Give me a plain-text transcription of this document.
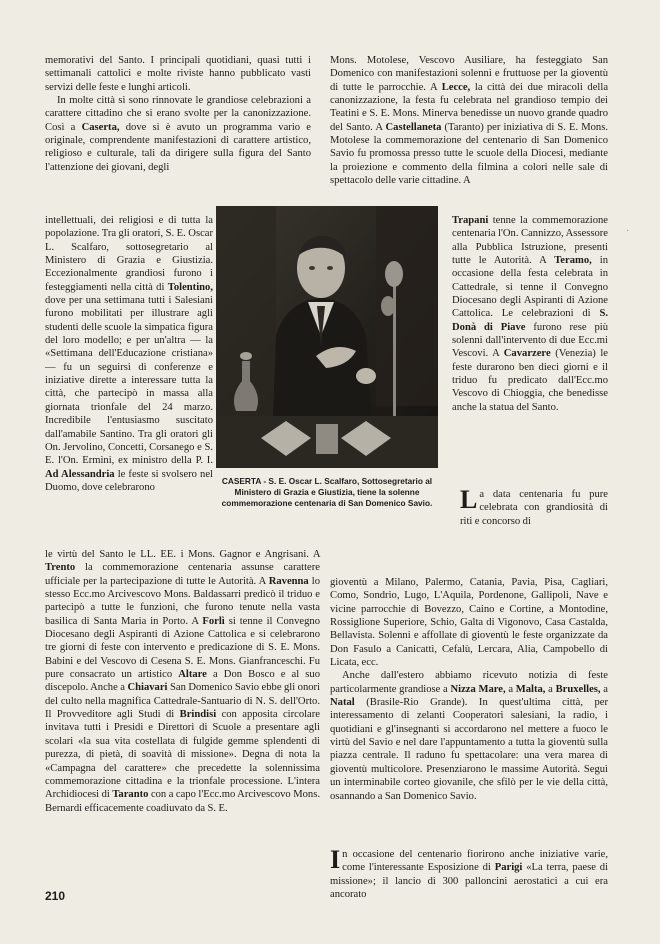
memorativi del Santo. I principali quotidiani, quasi tutti i settimanali cattolici e molte riviste hanno pubblicato vasti servizi delle feste e lunghi articoli.

In molte città si sono rinnovate le grandiose celebrazioni a carattere cittadino che si erano svolte per la canonizzazione. Così a Caserta, dove si è avuto un programma vario e originale, comprendente manifestazioni di carattere artistico, religioso e culturale, tali da dirigere sulla figura del Santo l'attenzione dei giovani, degli

intellettuali, dei religiosi e di tutta la popolazione. Tra gli oratori, S. E. Oscar L. Scalfaro, sottosegretario al Ministero di Grazia e Giustizia. Eccezionalmente grandiosi furono i festeggiamenti nella città di Tolentino, dove per una settimana tutti i Salesiani furono mobilitati per illustrare agli studenti delle scuole la simpatica figura del loro modello; e per un'altra — la «Settimana dell'Educazione cristiana» — fu un seguirsi di conferenze e iniziative dirette a interessare tutta la città, che partecipò in massa alla giornata trionfale del 24 marzo. Incredibile l'entusiasmo suscitato dall'amabile Santino. Tra gli oratori gli On. Jervolino, Concetti, Corsanego e S. E. l'On. Ermini, ex ministro della P. I. Ad Alessandria le feste si svolsero nel Duomo, dove celebrarono

le virtù del Santo le LL. EE. i Mons. Gagnor e Angrisani. A Trento la commemorazione centenaria assunse carattere ufficiale per la partecipazione di tutte le Autorità. A Ravenna lo stesso Ecc.mo Arcivescovo Mons. Baldassarri predicò il triduo e partecipò a tutte le funzioni, che furono tenute nella vasta basilica di Santa Maria in Porto. A Forlì si tenne il Convegno Diocesano degli Aspiranti di Azione Cattolica e si celebrarono tre giorni di feste con intervento e predicazione di S. E. Mons. Babini e del Vescovo di Cesena S. E. Mons. Gianfranceschi. Fu pure consacrato un artistico Altare a Don Bosco e al suo discepolo. Anche a Chiavari San Domenico Savio ebbe gli onori del culto nella magnifica Cattedrale-Santuario di N. S. dell'Orto. Il Provveditore agli Studi di Brindisi con apposita circolare invitava tutti i Presidi e Direttori di Scuole a presentare agli scolari «la sua vita costellata di fulgide gemme splendenti di purezza, di pietà, di soavità di missione». Degna di nota la «Campagna del carattere» che precedette la solennissima commemorazione cittadina e la trionfale processione. L'intera Archidiocesi di Taranto con a capo l'Ecc.mo Arcivescovo Mons. Bernardi efficacemente coadiuvato da S. E.

CASERTA - S. E. Oscar L. Scalfaro, Sottosegretario al Ministero di Grazia e Giustizia, tiene la solenne commemorazione centenaria di San Domenico Savio.

Mons. Motolese, Vescovo Ausiliare, ha festeggiato San Domenico con manifestazioni solenni e fruttuose per la gioventù di tutte le parrocchie. A Lecce, la città dei due miracoli della canonizzazione, la festa fu celebrata nel grandioso tempio dei Teatini e S. E. Mons. Minerva benedisse un nuovo grande quadro del Santo. A Castellaneta (Taranto) per iniziativa di S. E. Mons. Motolese la commemorazione del centenario di San Domenico Savio fu promossa presso tutte le scuole della Diocesi, mediante la proiezione e commento della filmina a colori nelle sale di spettacolo delle varie cittadine. A

Trapani tenne la commemorazione centenaria l'On. Cannizzo, Assessore alla Pubblica Istruzione, presenti tutte le Autorità. A Teramo, in occasione della festa celebrata in Cattedrale, si tenne il Convegno Diocesano degli Aspiranti di Azione Cattolica. Le celebrazioni di S. Donà di Piave furono rese più solenni dall'intervento di due Ecc.mi Vescovi. A Cavarzere (Venezia) le feste durarono ben dieci giorni e il triduo fu predicato dall'Ecc.mo Vescovo di Chioggia, che benedisse anche la statua del Santo.

La data centenaria fu pure celebrata con grandiosità di riti e concorso di

gioventù a Milano, Palermo, Catania, Pavia, Pisa, Cagliari, Como, Sondrio, Lugo, L'Aquila, Pordenone, Gallipoli, Nave e vicine parrocchie di Bovezzo, Caino e Cortine, a Montodine, Rossiglione Superiore, Schio, Galta di Vigonovo, Casa Castalda, Bellavista. Solenni e affollate di gioventù le feste organizzate da Don Fasulo a Canicattì, Cefalù, Lercara, Alia, Campobello di Licata, ecc.

Anche dall'estero abbiamo ricevuto notizia di feste particolarmente grandiose a Nizza Mare, a Malta, a Bruxelles, a Natal (Brasile-Rio Grande). In quest'ultima città, per interessamento di zelanti Cooperatori salesiani, la radio, i quotidiani e gl'insegnanti si accordarono nel mettere a fuoco le virtù del Savio e nel dare l'appuntamento a tutta la gioventù sulla piazza centrale. Il raduno fu spettacolare: una vera marea di gioventù multicolore. Presenziarono le massime Autorità. Seguì un interminabile corteo giovanile, che sfilò per le vie della città, osannando a San Domenico Savio.

In occasione del centenario fiorirono anche iniziative varie, come l'interessante Esposizione di Parigi «La terra, paese di missione»; il lancio di 300 palloncini aerostatici a cui era ancorato

210
·
